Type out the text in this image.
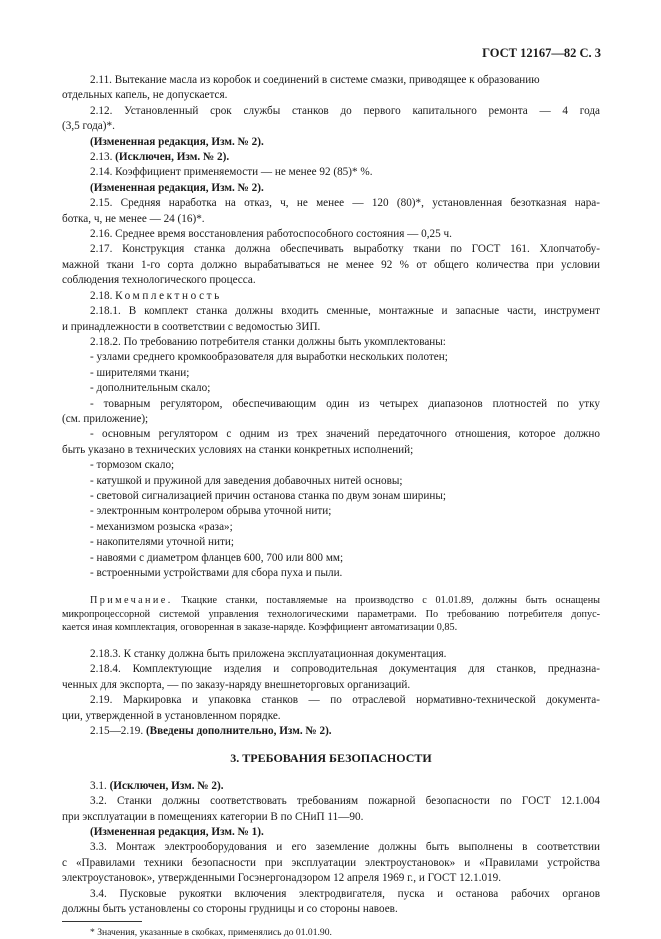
ГОСТ 12167—82 С. 3

2.11. Вытекание масла из коробок и соединений в системе смазки, приводящее к образованию

отдельных капель, не допускается.

2.12. Установленный срок службы станков до первого капитального ремонта — 4 года

(3,5 года)*.

(Измененная редакция, Изм. № 2).

2.13. (Исключен, Изм. № 2).

2.14. Коэффициент применяемости — не менее 92 (85)* %.

(Измененная редакция, Изм. № 2).

2.15. Средняя наработка на отказ, ч, не менее — 120 (80)*, установленная безотказная нара-

ботка, ч, не менее — 24 (16)*.

2.16. Среднее время восстановления работоспособного состояния — 0,25 ч.

2.17. Конструкция станка должна обеспечивать выработку ткани по ГОСТ 161. Хлопчатобу-

мажной ткани 1-го сорта должно вырабатываться не менее 92 % от общего количества при условии

соблюдения технологического процесса.

2.18. Комплектность

2.18.1. В комплект станка должны входить сменные, монтажные и запасные части, инструмент

и принадлежности в соответствии с ведомостью ЗИП.

2.18.2. По требованию потребителя станки должны быть укомплектованы:

- узлами среднего кромкообразователя для выработки нескольких полотен;

- ширителями ткани;

- дополнительным скало;

- товарным регулятором, обеспечивающим один из четырех диапазонов плотностей по утку

(см. приложение);

- основным регулятором с одним из трех значений передаточного отношения, которое должно

быть указано в технических условиях на станки конкретных исполнений;

- тормозом скало;

- катушкой и пружиной для заведения добавочных нитей основы;

- световой сигнализацией причин останова станка по двум зонам ширины;

- электронным контролером обрыва уточной нити;

- механизмом розыска «раза»;

- накопителями уточной нити;

- навоями с диаметром фланцев 600, 700 или 800 мм;

- встроенными устройствами для сбора пуха и пыли.

Примечание. Ткацкие станки, поставляемые на производство с 01.01.89, должны быть оснащены

микропроцессорной системой управления технологическими параметрами. По требованию потребителя допус-

кается иная комплектация, оговоренная в заказе-наряде. Коэффициент автоматизации 0,85.

2.18.3. К станку должна быть приложена эксплуатационная документация.

2.18.4. Комплектующие изделия и сопроводительная документация для станков, предназна-

ченных для экспорта, — по заказу-наряду внешнеторговых организаций.

2.19. Маркировка и упаковка станков — по отраслевой нормативно-технической документа-

ции, утвержденной в установленном порядке.

2.15—2.19. (Введены дополнительно, Изм. № 2).

3. ТРЕБОВАНИЯ БЕЗОПАСНОСТИ

3.1. (Исключен, Изм. № 2).

3.2. Станки должны соответствовать требованиям пожарной безопасности по ГОСТ 12.1.004

при эксплуатации в помещениях категории В по СНиП 11—90.

(Измененная редакция, Изм. № 1).

3.3. Монтаж электрооборудования и его заземление должны быть выполнены в соответствии

с «Правилами техники безопасности при эксплуатации электроустановок» и «Правилами устройства

электроустановок», утвержденными Госэнергонадзором 12 апреля 1969 г., и ГОСТ 12.1.019.

3.4. Пусковые рукоятки включения электродвигателя, пуска и останова рабочих органов

должны быть установлены со стороны грудницы и со стороны навоев.

* Значения, указанные в скобках, применялись до 01.01.90.
